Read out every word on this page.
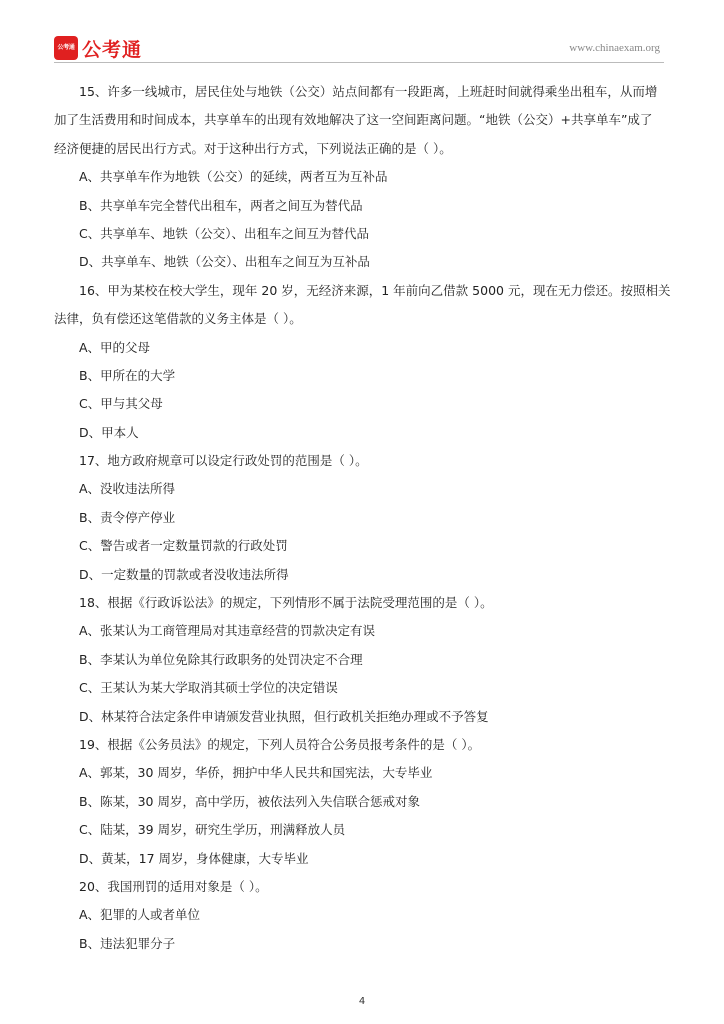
公考通 公考通	www.chinaexam.org
15、许多一线城市，居民住处与地铁（公交）站点间都有一段距离，上班赶时间就得乘坐出租车，从而增
加了生活费用和时间成本，共享单车的出现有效地解决了这一空间距离问题。“地铁（公交）+共享单车”成了
经济便捷的居民出行方式。对于这种出行方式，下列说法正确的是（ ）。
A、共享单车作为地铁（公交）的延续，两者互为互补品
B、共享单车完全替代出租车，两者之间互为替代品
C、共享单车、地铁（公交）、出租车之间互为替代品
D、共享单车、地铁（公交）、出租车之间互为互补品
16、甲为某校在校大学生，现年 20 岁，无经济来源，1 年前向乙借款 5000 元，现在无力偿还。按照相关
法律，负有偿还这笔借款的义务主体是（ ）。
A、甲的父母
B、甲所在的大学
C、甲与其父母
D、甲本人
17、地方政府规章可以设定行政处罚的范围是（ ）。
A、没收违法所得
B、责令停产停业
C、警告或者一定数量罚款的行政处罚
D、一定数量的罚款或者没收违法所得
18、根据《行政诉讼法》的规定，下列情形不属于法院受理范围的是（ ）。
A、张某认为工商管理局对其违章经营的罚款决定有误
B、李某认为单位免除其行政职务的处罚决定不合理
C、王某认为某大学取消其硕士学位的决定错误
D、林某符合法定条件申请颁发营业执照，但行政机关拒绝办理或不予答复
19、根据《公务员法》的规定，下列人员符合公务员报考条件的是（ ）。
A、郭某，30 周岁，华侨，拥护中华人民共和国宪法，大专毕业
B、陈某，30 周岁，高中学历，被依法列入失信联合惩戒对象
C、陆某，39 周岁，研究生学历，刑满释放人员
D、黄某，17 周岁，身体健康，大专毕业
20、我国刑罚的适用对象是（ ）。
A、犯罪的人或者单位
B、违法犯罪分子
4
